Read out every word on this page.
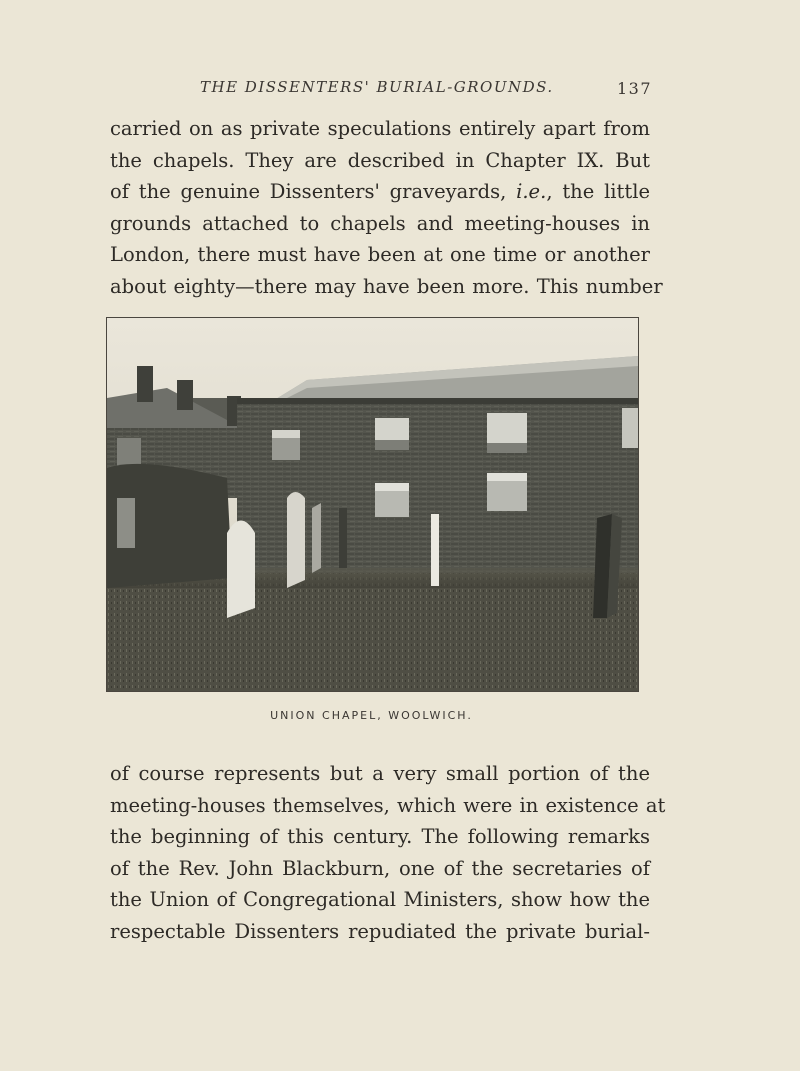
THE DISSENTERS' BURIAL-GROUNDS.	137
carried on as private speculations entirely apart from
the chapels. They are described in Chapter IX. But
of the genuine Dissenters' graveyards, i.e., the little
grounds attached to chapels and meeting-houses in
London, there must have been at one time or another
about eighty—there may have been more. This number
UNION CHAPEL, WOOLWICH.
of course represents but a very small portion of the
meeting-houses themselves, which were in existence at
the beginning of this century. The following remarks
of the Rev. John Blackburn, one of the secretaries of
the Union of Congregational Ministers, show how the
respectable Dissenters repudiated the private burial-
